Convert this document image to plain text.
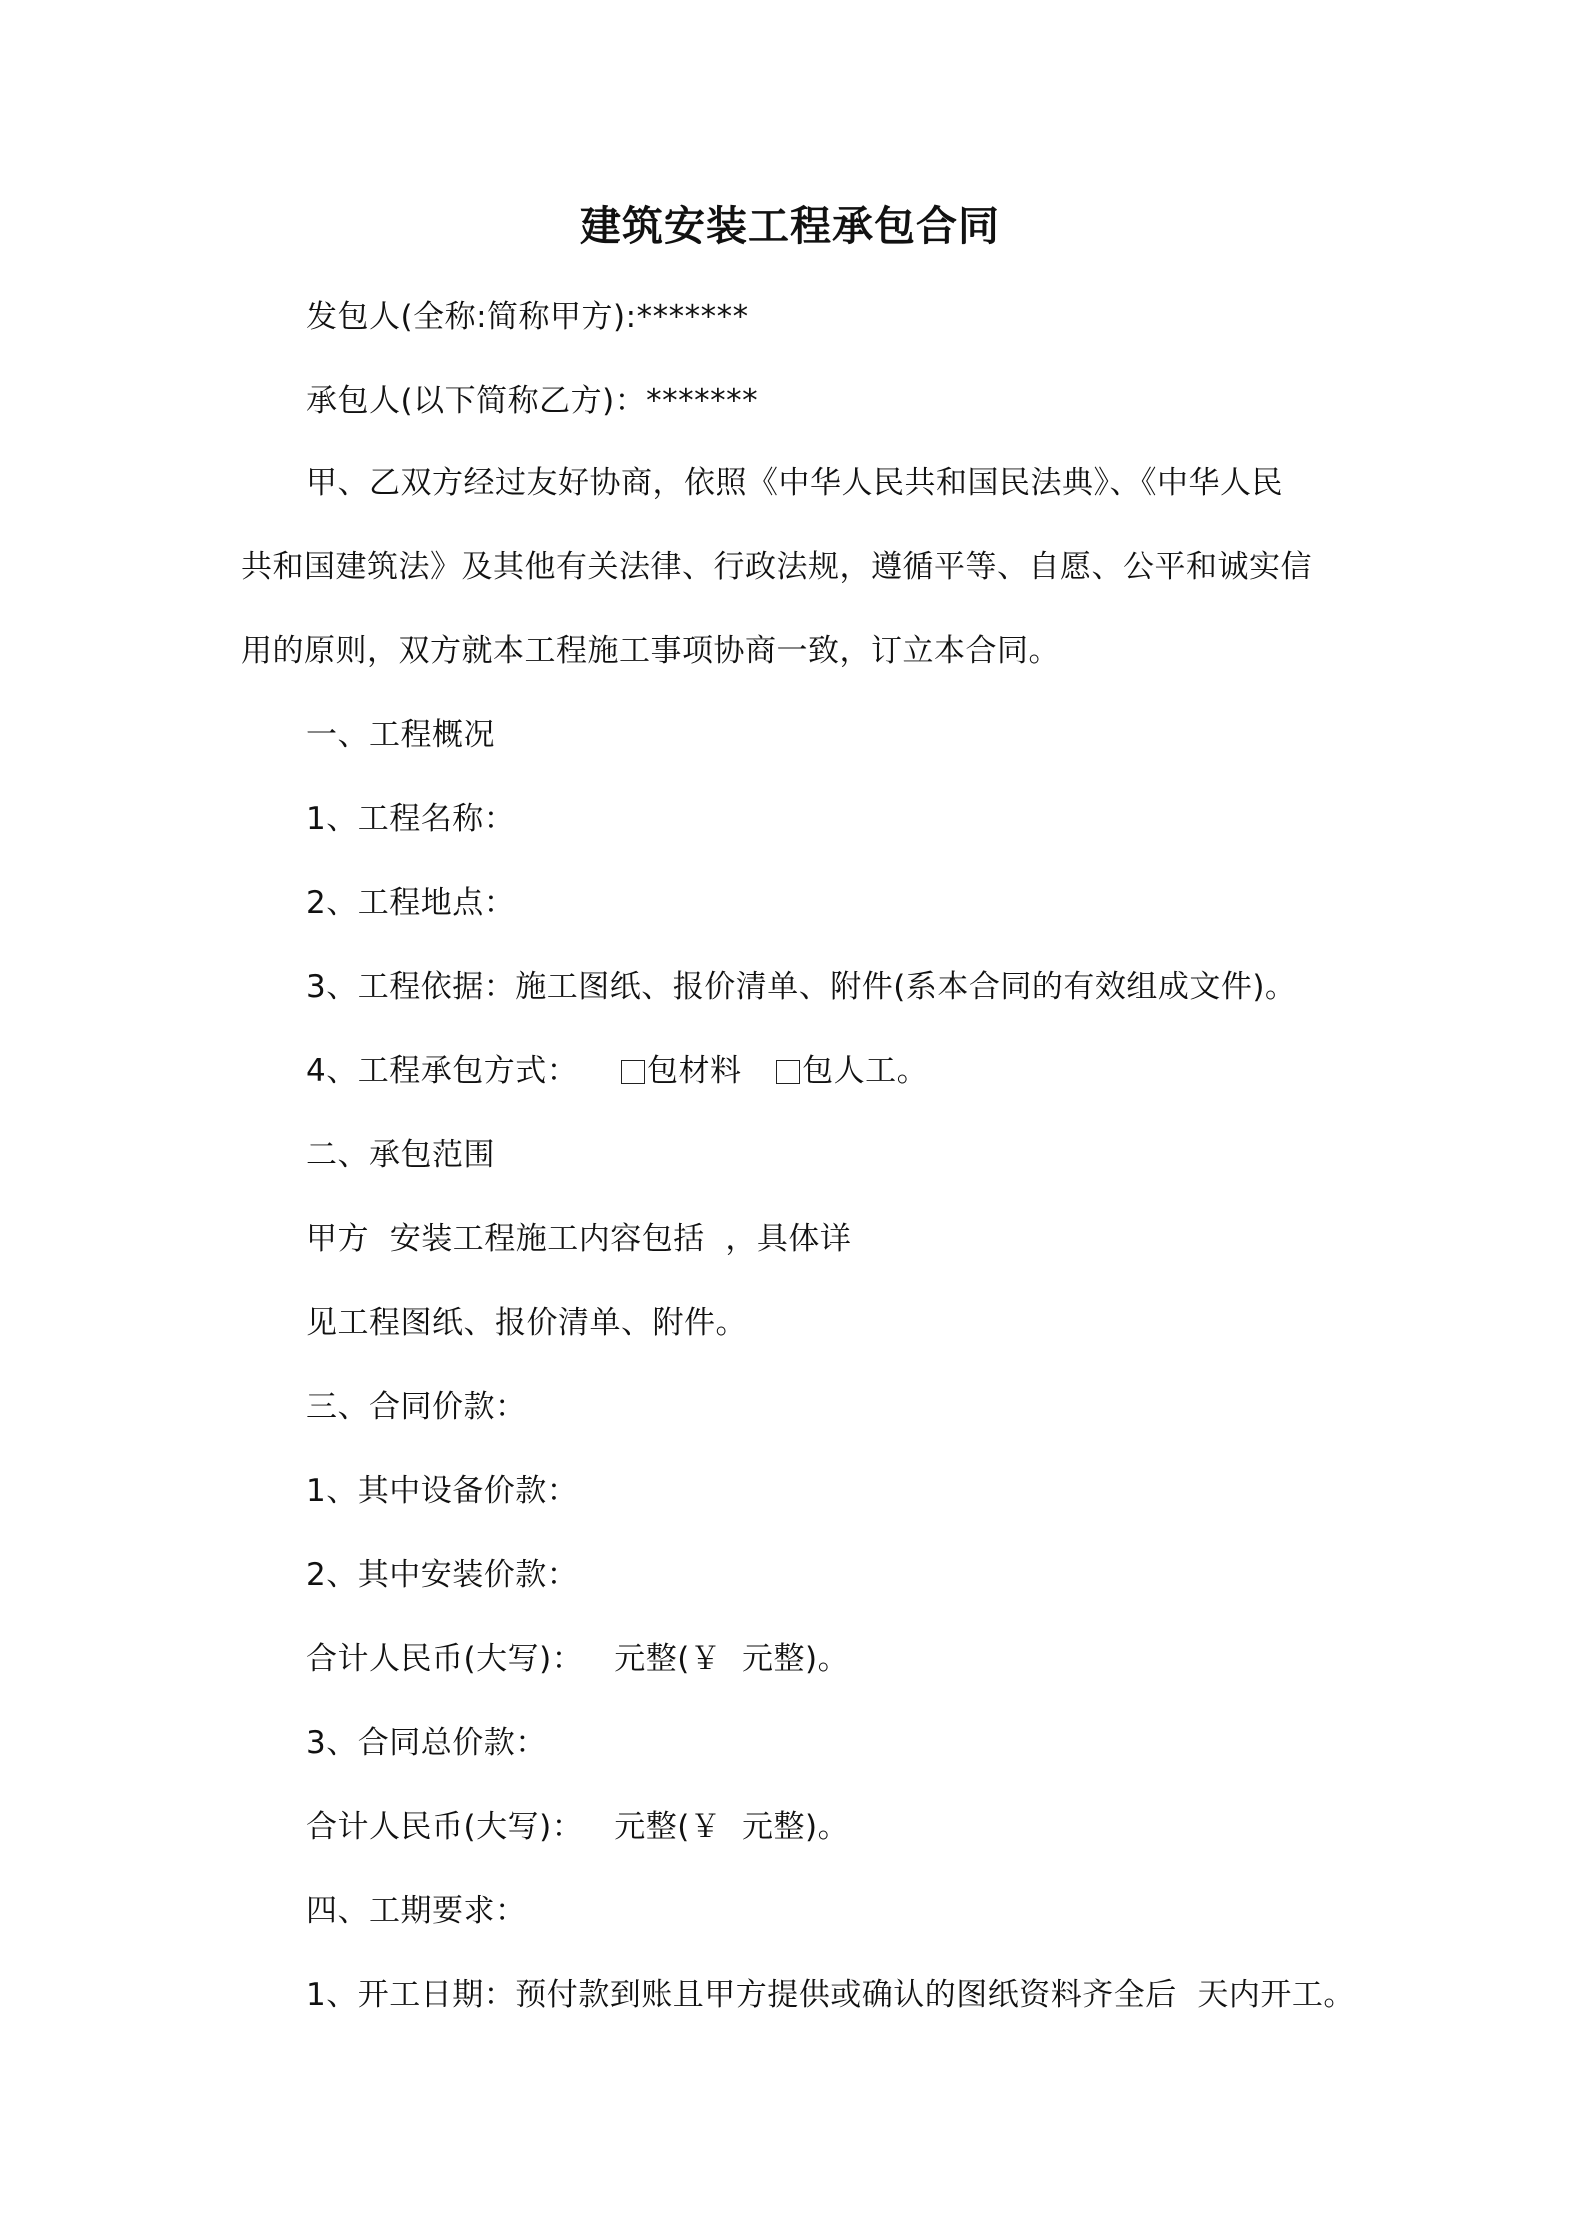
建筑安装工程承包合同
发包人(全称:简称甲方):*******
承包人(以下简称乙方)：*******
甲、乙双方经过友好协商，依照《中华人民共和国民法典》、《中华人民
共和国建筑法》及其他有关法律、行政法规，遵循平等、自愿、公平和诚实信
用的原则，双方就本工程施工事项协商一致，订立本合同。
一、工程概况
1、工程名称：
2、工程地点：
3、工程依据：施工图纸、报价清单、附件(系本合同的有效组成文件)。
4、工程承包方式： 包材料 包人工。
二、承包范围
甲方  安装工程施工内容包括  ，具体详
见工程图纸、报价清单、附件。
三、合同价款：
1、其中设备价款：
2、其中安装价款：
合计人民币(大写)：   元整(￥  元整)。
3、合同总价款：
合计人民币(大写)：   元整(￥  元整)。
四、工期要求：
1、开工日期：预付款到账且甲方提供或确认的图纸资料齐全后  天内开工。
